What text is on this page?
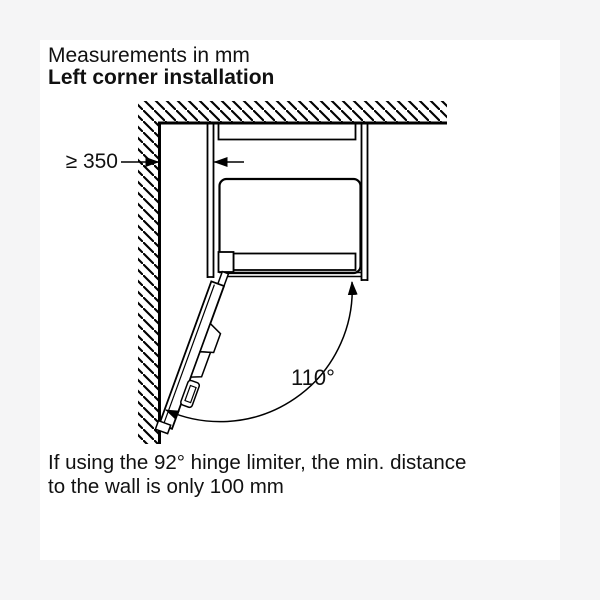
Measurements in mm
Left corner installation
≥ 350
110°
If using the 92° hinge limiter, the min. distance
to the wall is only 100 mm
